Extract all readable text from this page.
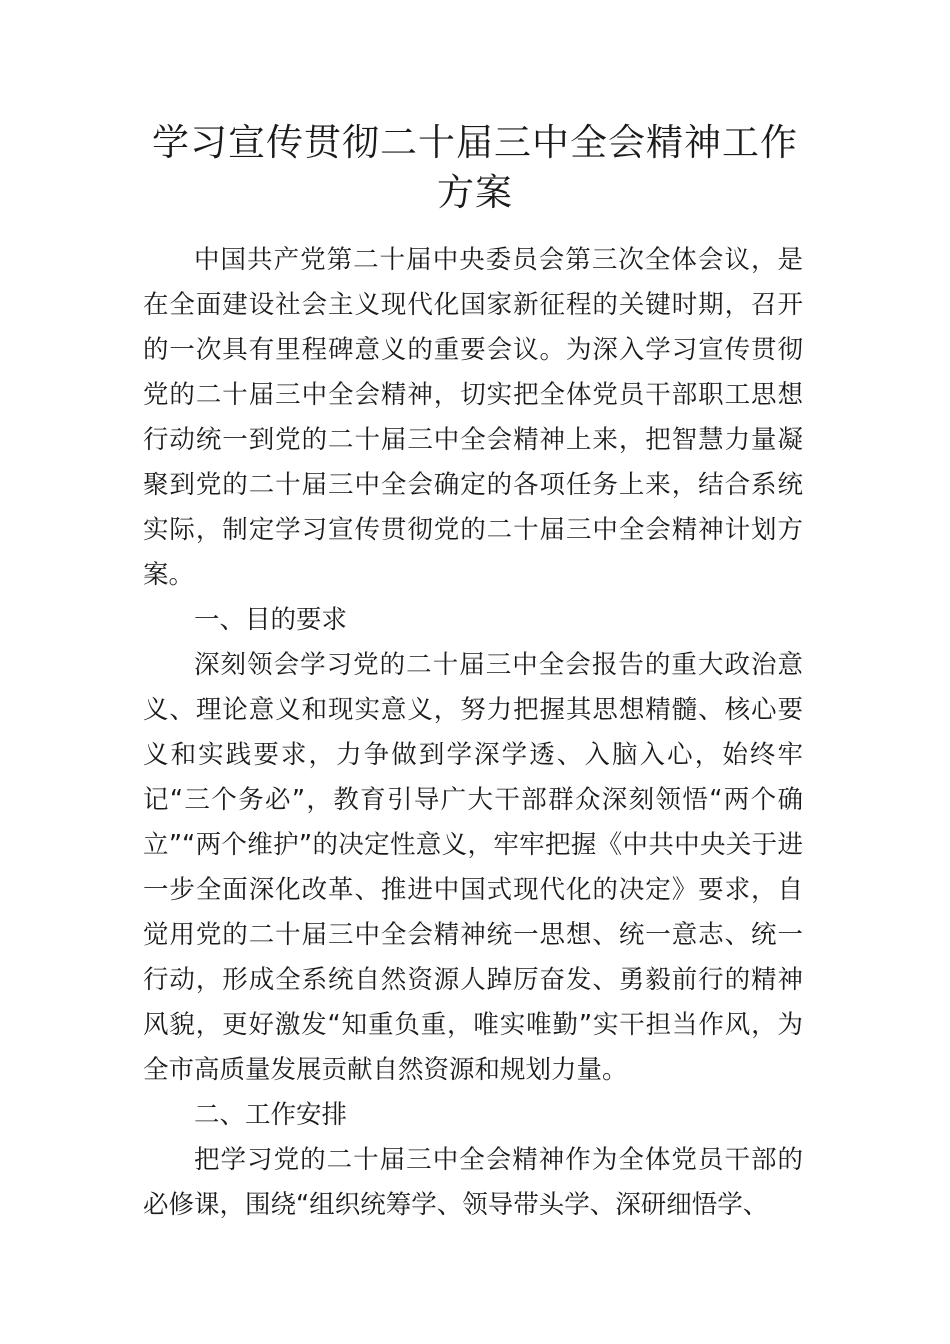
学习宣传贯彻二十届三中全会精神工作方案

中国共产党第二十届中央委员会第三次全体会议，是在全面建设社会主义现代化国家新征程的关键时期，召开的一次具有里程碑意义的重要会议。为深入学习宣传贯彻党的二十届三中全会精神，切实把全体党员干部职工思想行动统一到党的二十届三中全会精神上来，把智慧力量凝聚到党的二十届三中全会确定的各项任务上来，结合系统实际，制定学习宣传贯彻党的二十届三中全会精神计划方案。

一、目的要求

深刻领会学习党的二十届三中全会报告的重大政治意义、理论意义和现实意义，努力把握其思想精髓、核心要义和实践要求，力争做到学深学透、入脑入心，始终牢记“三个务必”，教育引导广大干部群众深刻领悟“两个确立”“两个维护”的决定性意义，牢牢把握《中共中央关于进一步全面深化改革、推进中国式现代化的决定》要求，自觉用党的二十届三中全会精神统一思想、统一意志、统一行动，形成全系统自然资源人踔厉奋发、勇毅前行的精神风貌，更好激发“知重负重，唯实唯勤”实干担当作风，为全市高质量发展贡献自然资源和规划力量。

二、工作安排

把学习党的二十届三中全会精神作为全体党员干部的必修课，围绕“组织统筹学、领导带头学、深研细悟学、
